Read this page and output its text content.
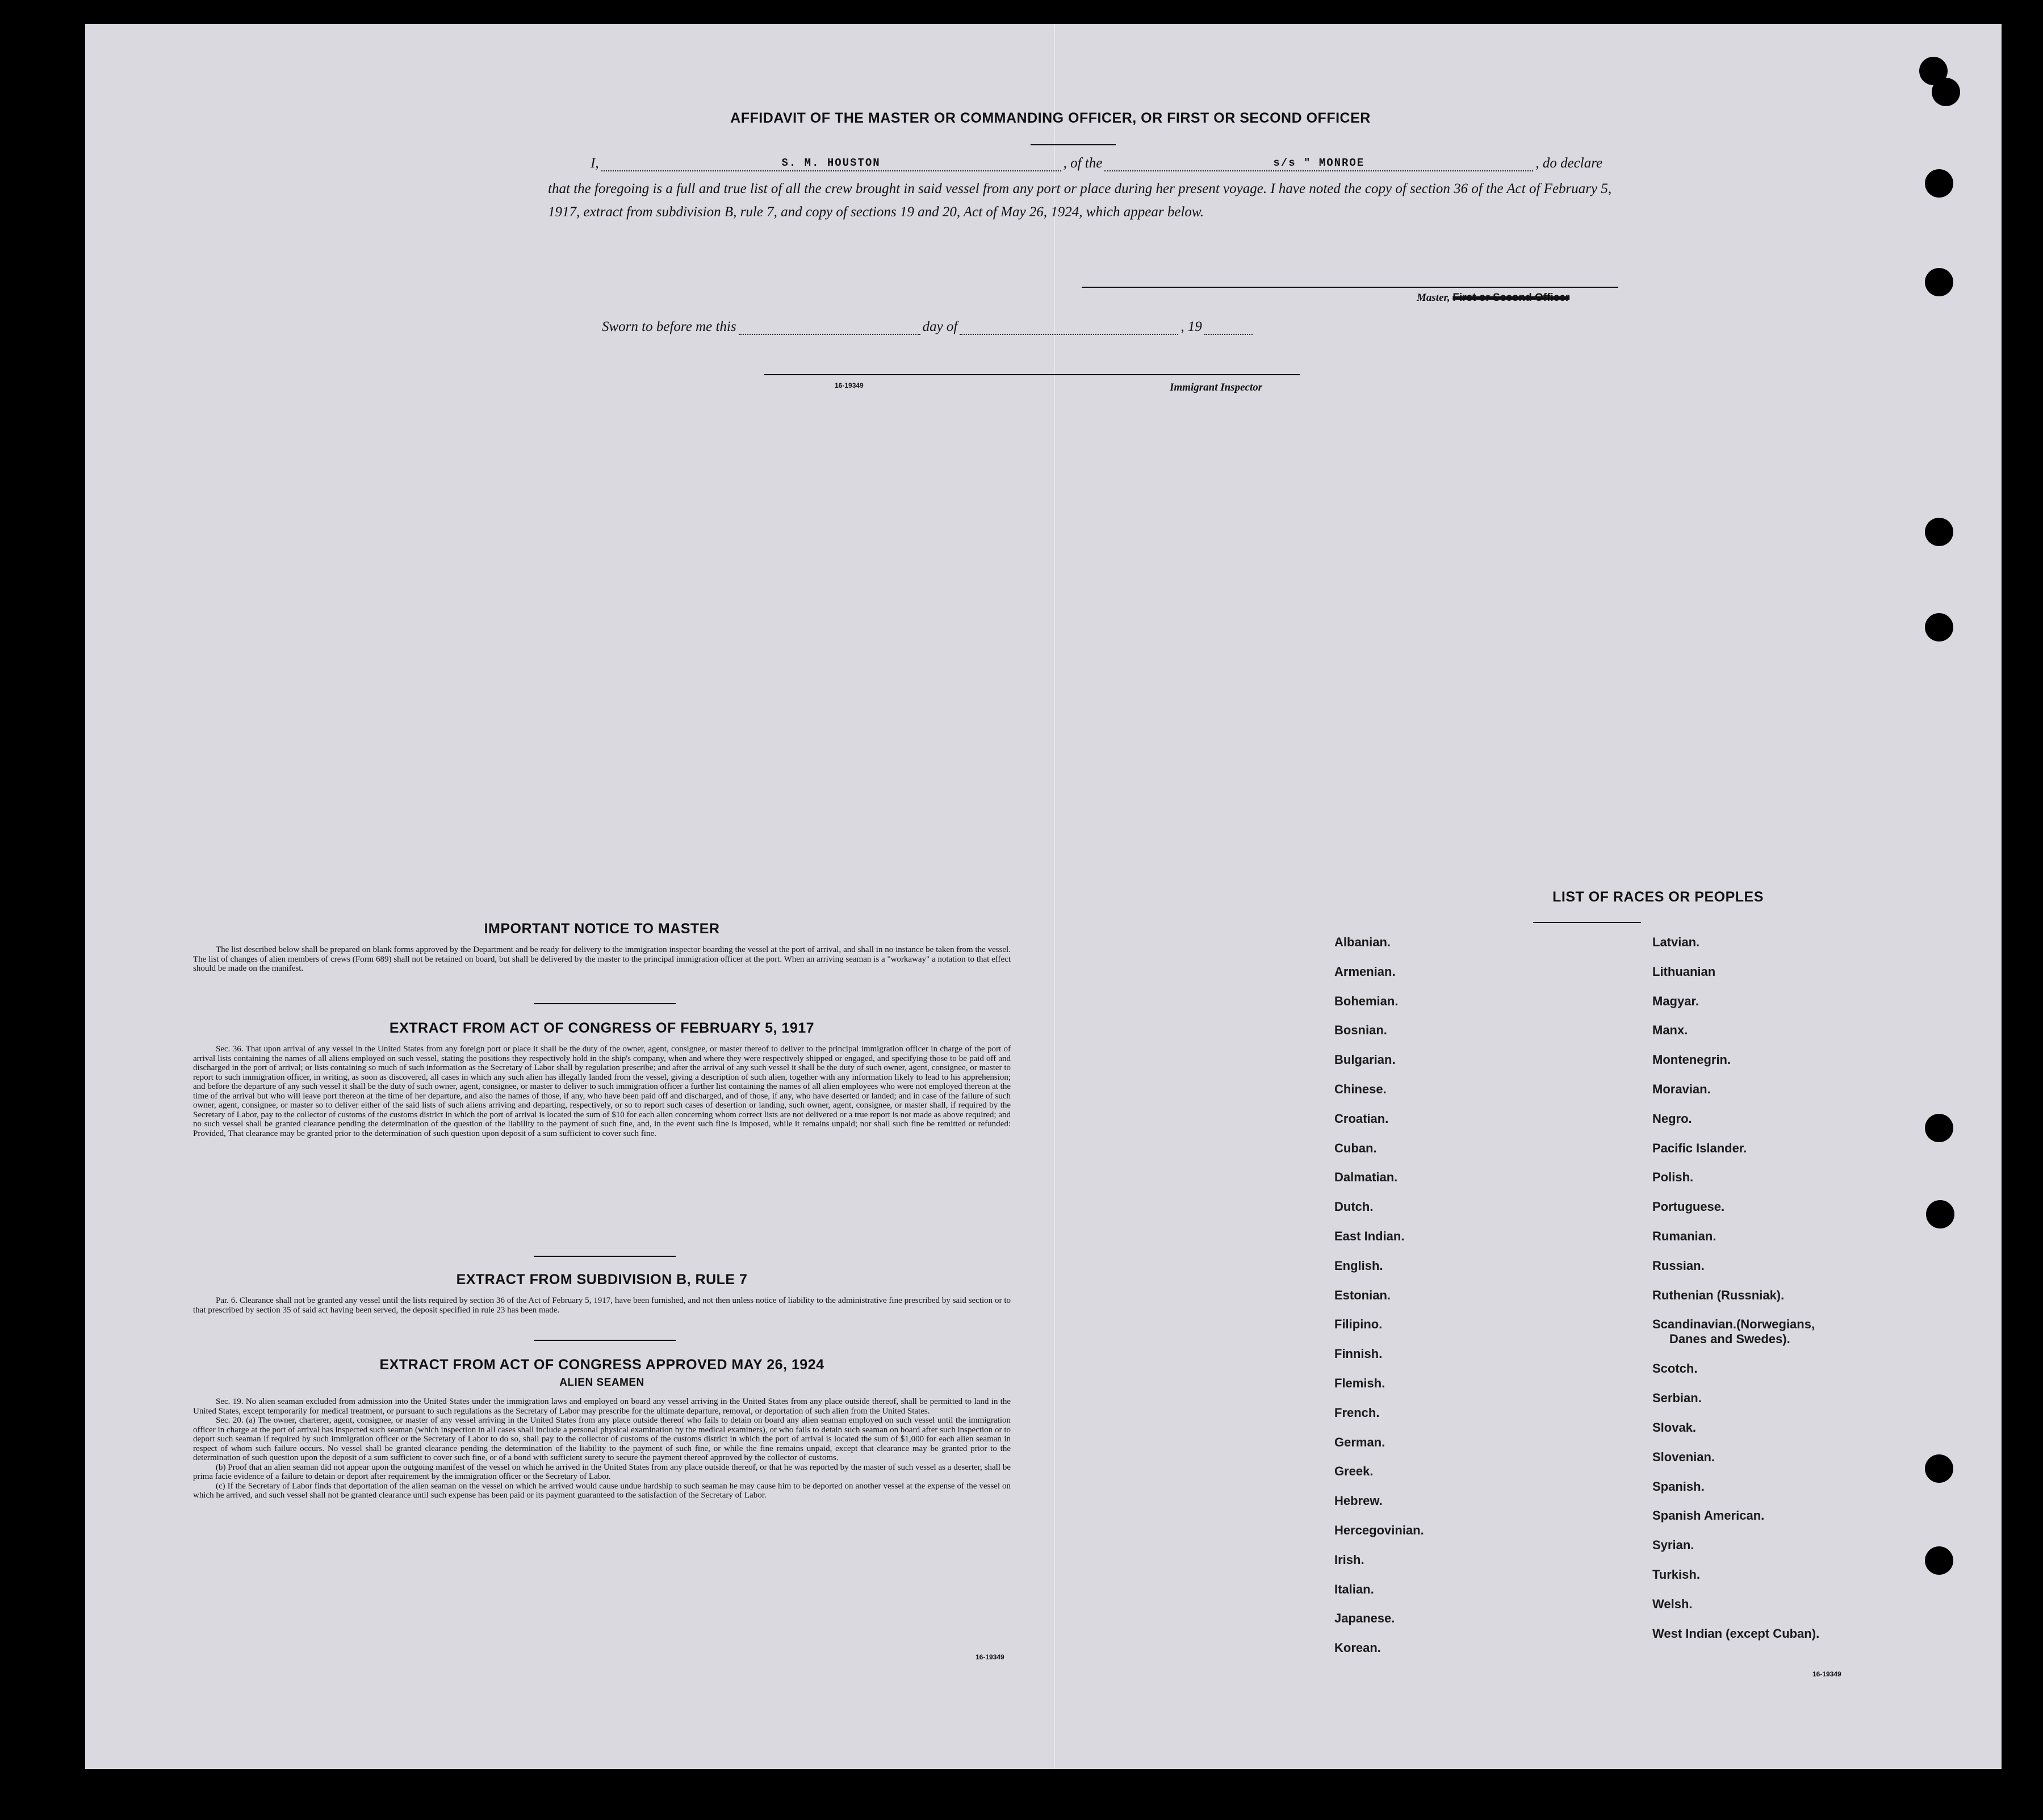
AFFIDAVIT OF THE MASTER OR COMMANDING OFFICER, OR FIRST OR SECOND OFFICER
I,	S. M. HOUSTON	, of the	s/s " MONROE	, do declare
that the foregoing is a full and true list of all the crew brought in said vessel from any port or place during her present voyage. I have noted the copy of section 36 of the Act of February 5, 1917, extract from subdivision B, rule 7, and copy of sections 19 and 20, Act of May 26, 1924, which appear below.
Master, First or Second Officer
Sworn to before me this	day of	, 19
16-19349	Immigrant Inspector
IMPORTANT NOTICE TO MASTER

The list described below shall be prepared on blank forms approved by the Department and be ready for delivery to the immigration inspector boarding the vessel at the port of arrival, and shall in no instance be taken from the vessel. The list of changes of alien members of crews (Form 689) shall not be retained on board, but shall be delivered by the master to the principal immigration officer at the port. When an arriving seaman is a "workaway" a notation to that effect should be made on the manifest.

EXTRACT FROM ACT OF CONGRESS OF FEBRUARY 5, 1917

Sec. 36. That upon arrival of any vessel in the United States from any foreign port or place it shall be the duty of the owner, agent, consignee, or master thereof to deliver to the principal immigration officer in charge of the port of arrival lists containing the names of all aliens employed on such vessel, stating the positions they respectively hold in the ship's company, when and where they were respectively shipped or engaged, and specifying those to be paid off and discharged in the port of arrival; or lists containing so much of such information as the Secretary of Labor shall by regulation prescribe; and after the arrival of any such vessel it shall be the duty of such owner, agent, consignee, or master to report to such immigration officer, in writing, as soon as discovered, all cases in which any such alien has illegally landed from the vessel, giving a description of such alien, together with any information likely to lead to his apprehension; and before the departure of any such vessel it shall be the duty of such owner, agent, consignee, or master to deliver to such immigration officer a further list containing the names of all alien employees who were not employed thereon at the time of the arrival but who will leave port thereon at the time of her departure, and also the names of those, if any, who have been paid off and discharged, and of those, if any, who have deserted or landed; and in case of the failure of such owner, agent, consignee, or master so to deliver either of the said lists of such aliens arriving and departing, respectively, or so to report such cases of desertion or landing, such owner, agent, consignee, or master shall, if required by the Secretary of Labor, pay to the collector of customs of the customs district in which the port of arrival is located the sum of $10 for each alien concerning whom correct lists are not delivered or a true report is not made as above required; and no such vessel shall be granted clearance pending the determination of the question of the liability to the payment of such fine, and, in the event such fine is imposed, while it remains unpaid; nor shall such fine be remitted or refunded: Provided, That clearance may be granted prior to the determination of such question upon deposit of a sum sufficient to cover such fine.

EXTRACT FROM SUBDIVISION B, RULE 7

Par. 6. Clearance shall not be granted any vessel until the lists required by section 36 of the Act of February 5, 1917, have been furnished, and not then unless notice of liability to the administrative fine prescribed by said section or to that prescribed by section 35 of said act having been served, the deposit specified in rule 23 has been made.

EXTRACT FROM ACT OF CONGRESS APPROVED MAY 26, 1924
ALIEN SEAMEN

Sec. 19. No alien seaman excluded from admission into the United States under the immigration laws and employed on board any vessel arriving in the United States from any place outside thereof, shall be permitted to land in the United States, except temporarily for medical treatment, or pursuant to such regulations as the Secretary of Labor may prescribe for the ultimate departure, removal, or deportation of such alien from the United States.

Sec. 20. (a) The owner, charterer, agent, consignee, or master of any vessel arriving in the United States from any place outside thereof who fails to detain on board any alien seaman employed on such vessel until the immigration officer in charge at the port of arrival has inspected such seaman (which inspection in all cases shall include a personal physical examination by the medical examiners), or who fails to detain such seaman on board after such inspection or to deport such seaman if required by such immigration officer or the Secretary of Labor to do so, shall pay to the collector of customs of the customs district in which the port of arrival is located the sum of $1,000 for each alien seaman in respect of whom such failure occurs. No vessel shall be granted clearance pending the determination of the liability to the payment of such fine, or while the fine remains unpaid, except that clearance may be granted prior to the determination of such question upon the deposit of a sum sufficient to cover such fine, or of a bond with sufficient surety to secure the payment thereof approved by the collector of customs.

(b) Proof that an alien seaman did not appear upon the outgoing manifest of the vessel on which he arrived in the United States from any place outside thereof, or that he was reported by the master of such vessel as a deserter, shall be prima facie evidence of a failure to detain or deport after requirement by the immigration officer or the Secretary of Labor.

(c) If the Secretary of Labor finds that deportation of the alien seaman on the vessel on which he arrived would cause undue hardship to such seaman he may cause him to be deported on another vessel at the expense of the vessel on which he arrived, and such vessel shall not be granted clearance until such expense has been paid or its payment guaranteed to the satisfaction of the Secretary of Labor.

16-19349
LIST OF RACES OR PEOPLES
16-19349
Albanian.
Armenian.
Bohemian.
Bosnian.
Bulgarian.
Chinese.
Croatian.
Cuban.
Dalmatian.
Dutch.
East Indian.
English.
Estonian.
Filipino.
Finnish.
Flemish.
French.
German.
Greek.
Hebrew.
Hercegovinian.
Irish.
Italian.
Japanese.
Korean.
Latvian.
Lithuanian
Magyar.
Manx.
Montenegrin.
Moravian.
Negro.
Pacific Islander.
Polish.
Portuguese.
Rumanian.
Russian.
Ruthenian (Russniak).
Scandinavian.(Norwegians,
Danes and Swedes).
Scotch.
Serbian.
Slovak.
Slovenian.
Spanish.
Spanish American.
Syrian.
Turkish.
Welsh.
West Indian (except Cuban).
